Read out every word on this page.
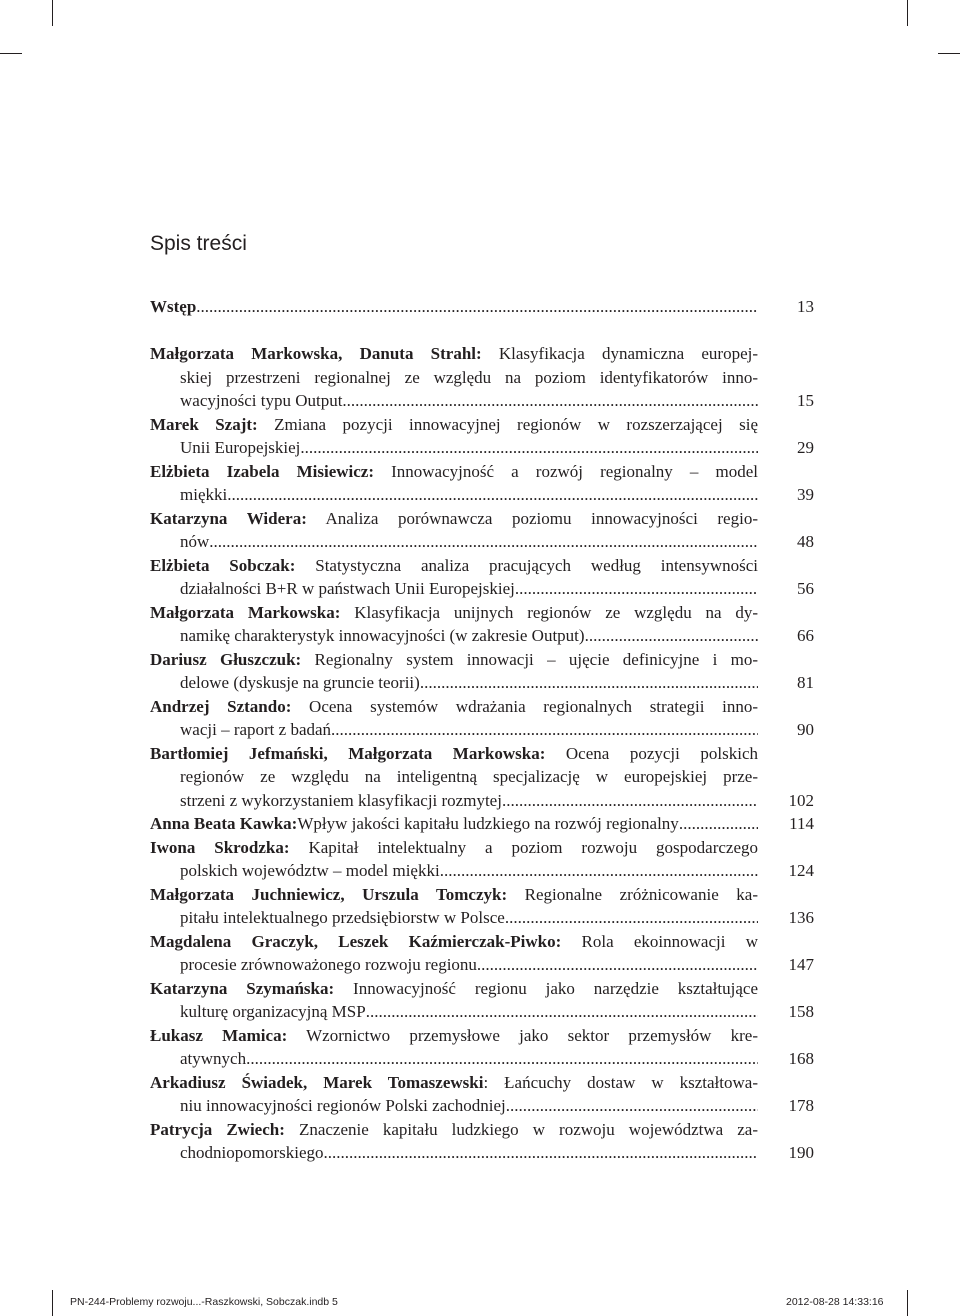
Spis treści
Wstęp .....	13
Małgorzata Markowska, Danuta Strahl: Klasyfikacja dynamiczna europej-
skiej przestrzeni regionalnej ze względu na poziom identyfikatorów inno-
wacyjności typu Output .....	15
Marek Szajt: Zmiana pozycji innowacyjnej regionów w rozszerzającej się
Unii Europejskiej .....	29
Elżbieta Izabela Misiewicz: Innowacyjność a rozwój regionalny – model
miękki .....	39
Katarzyna Widera: Analiza porównawcza poziomu innowacyjności regio-
nów .....	48
Elżbieta Sobczak: Statystyczna analiza pracujących według intensywności
działalności B+R w państwach Unii Europejskiej .....	56
Małgorzata Markowska: Klasyfikacja unijnych regionów ze względu na dy-
namikę charakterystyk innowacyjności (w zakresie Output) .....	66
Dariusz Głuszczuk: Regionalny system innowacji – ujęcie definicyjne i mo-
delowe (dyskusje na gruncie teorii) .....	81
Andrzej Sztando: Ocena systemów wdrażania regionalnych strategii inno-
wacji – raport z badań .....	90
Bartłomiej Jefmański, Małgorzata Markowska: Ocena pozycji polskich
regionów ze względu na inteligentną specjalizację w europejskiej prze-
strzeni z wykorzystaniem klasyfikacji rozmytej .....	102
Anna Beata Kawka: Wpływ jakości kapitału ludzkiego na rozwój regionalny .....	114
Iwona Skrodzka: Kapitał intelektualny a poziom rozwoju gospodarczego
polskich województw – model miękki .....	124
Małgorzata Juchniewicz, Urszula Tomczyk: Regionalne zróżnicowanie ka-
pitału intelektualnego przedsiębiorstw w Polsce .....	136
Magdalena Graczyk, Leszek Kaźmierczak-Piwko: Rola ekoinnowacji w
procesie zrównoważonego rozwoju regionu .....	147
Katarzyna Szymańska: Innowacyjność regionu jako narzędzie kształtujące
kulturę organizacyjną MSP .....	158
Łukasz Mamica: Wzornictwo przemysłowe jako sektor przemysłów kre-
atywnych .....	168
Arkadiusz Świadek, Marek Tomaszewski: Łańcuchy dostaw w kształtowa-
niu innowacyjności regionów Polski zachodniej .....	178
Patrycja Zwiech: Znaczenie kapitału ludzkiego w rozwoju województwa za-
chodniopomorskiego .....	190
PN-244-Problemy rozwoju...-Raszkowski, Sobczak.indb 5	2012-08-28 14:33:16
